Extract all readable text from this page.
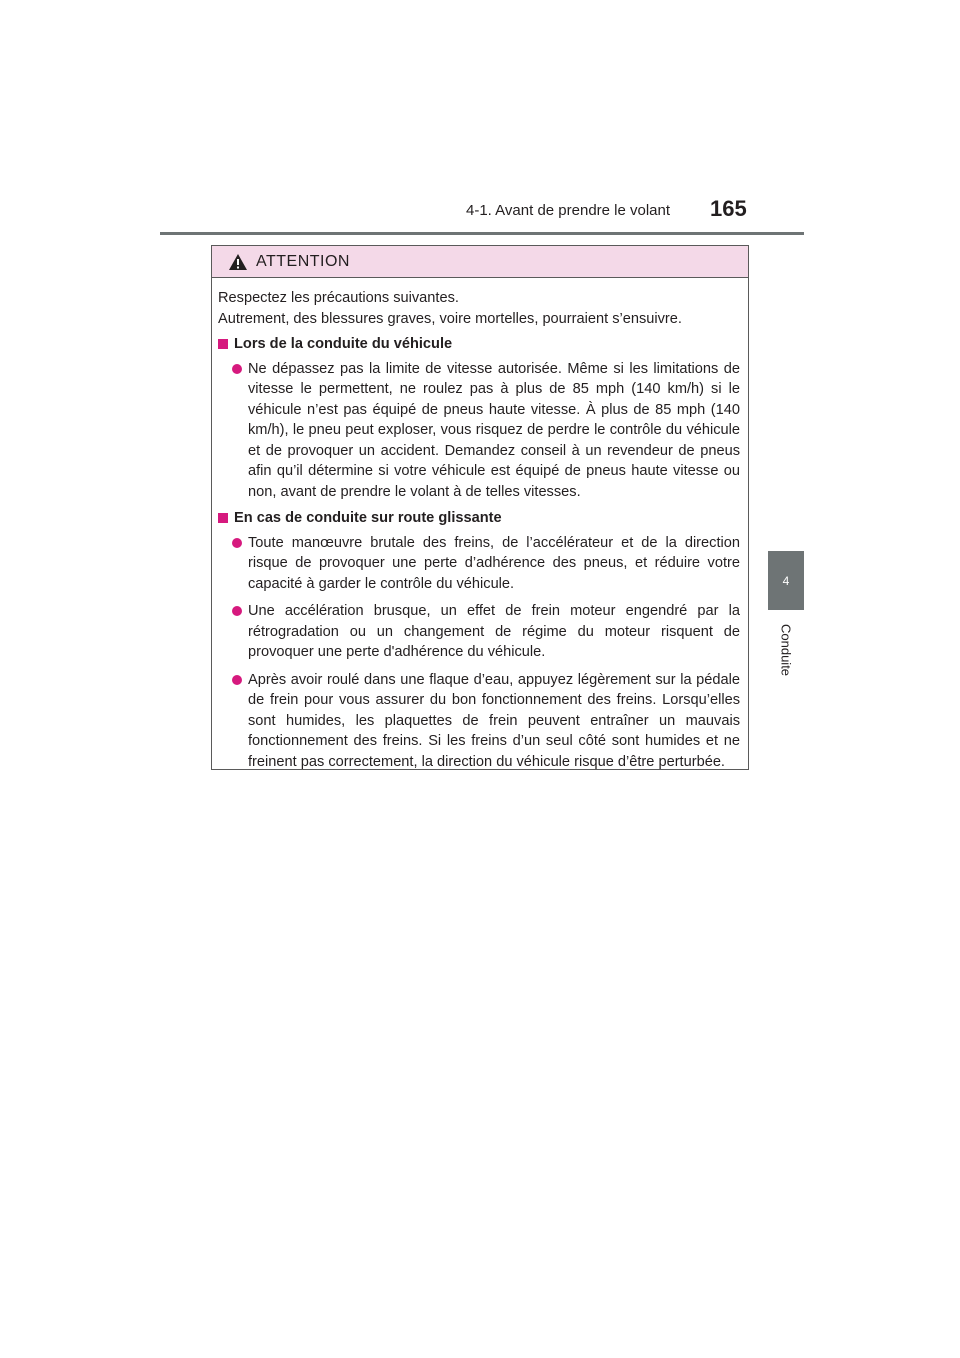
4-1. Avant de prendre le volant 165
4
Conduite
ATTENTION

Respectez les précautions suivantes.

Autrement, des blessures graves, voire mortelles, pourraient s’ensuivre.

Lors de la conduite du véhicule
Ne dépassez pas la limite de vitesse autorisée. Même si les limitations de vitesse le permettent, ne roulez pas à plus de 85 mph (140 km/h) si le véhicule n’est pas équipé de pneus haute vitesse. À plus de 85 mph (140 km/h), le pneu peut exploser, vous risquez de perdre le contrôle du véhicule et de provoquer un accident. Demandez conseil à un revendeur de pneus afin qu’il détermine si votre véhicule est équipé de pneus haute vitesse ou non, avant de prendre le volant à de telles vitesses.
En cas de conduite sur route glissante
Toute manœuvre brutale des freins, de l’accélérateur et de la direction risque de provoquer une perte d’adhérence des pneus, et réduire votre capacité à garder le contrôle du véhicule.
Une accélération brusque, un effet de frein moteur engendré par la rétrogradation ou un changement de régime du moteur risquent de provoquer une perte d'adhérence du véhicule.
Après avoir roulé dans une flaque d’eau, appuyez légèrement sur la pédale de frein pour vous assurer du bon fonctionnement des freins. Lorsqu’elles sont humides, les plaquettes de frein peuvent entraîner un mauvais fonctionnement des freins. Si les freins d’un seul côté sont humides et ne freinent pas correctement, la direction du véhicule risque d’être perturbée.
